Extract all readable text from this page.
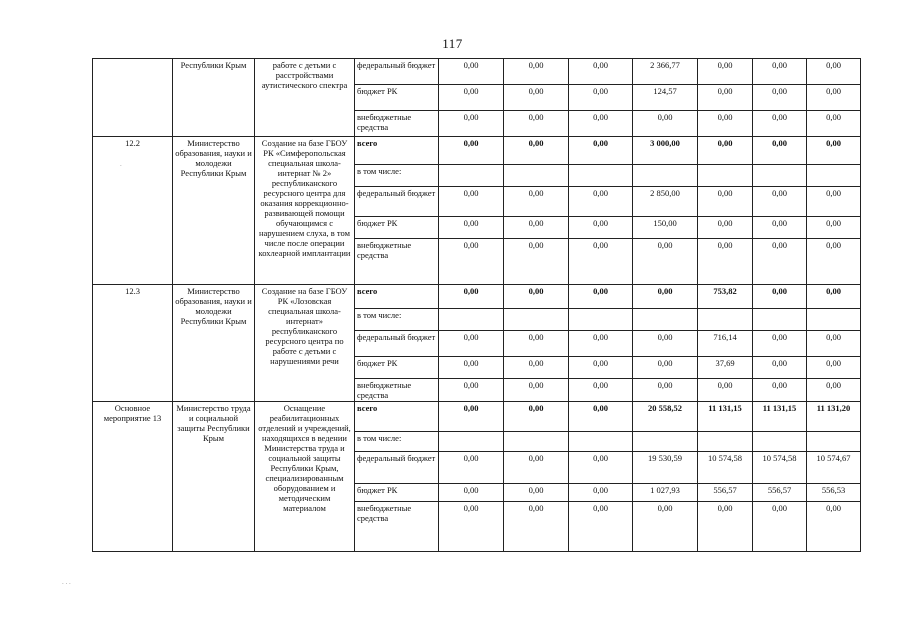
117
	Республики Крым	работе с детьми с расстройствами аутистического спектра	федеральный бюджет	0,00	0,00	0,00	2 366,77	0,00	0,00	0,00
			бюджет РК	0,00	0,00	0,00	124,57	0,00	0,00	0,00
			внебюджетные средства	0,00	0,00	0,00	0,00	0,00	0,00	0,00
12.2	Министерство образования, науки и молодежи Республики Крым	Создание на базе ГБОУ РК «Симферопольская специальная школа-интернат № 2» республиканского ресурсного центра для оказания коррекционно-развивающей помощи обучающимся с нарушением слуха, в том числе после операции кохлеарной имплантации	всего	0,00	0,00	0,00	3 000,00	0,00	0,00	0,00
			в том числе:							
			федеральный бюджет	0,00	0,00	0,00	2 850,00	0,00	0,00	0,00
			бюджет РК	0,00	0,00	0,00	150,00	0,00	0,00	0,00
			внебюджетные средства	0,00	0,00	0,00	0,00	0,00	0,00	0,00
12.3	Министерство образования, науки и молодежи Республики Крым	Создание на базе ГБОУ РК «Лозовская специальная школа-интернат» республиканского ресурсного центра по работе с детьми с нарушениями речи	всего	0,00	0,00	0,00	0,00	753,82	0,00	0,00
			в том числе:							
			федеральный бюджет	0,00	0,00	0,00	0,00	716,14	0,00	0,00
			бюджет РК	0,00	0,00	0,00	0,00	37,69	0,00	0,00
			внебюджетные средства	0,00	0,00	0,00	0,00	0,00	0,00	0,00
Основное мероприятие 13	Министерство труда и социальной защиты Республики Крым	Оснащение реабилитационных отделений и учреждений, находящихся в ведении Министерства труда и социальной защиты Республики Крым, специализированным оборудованием и методическим материалом	всего	0,00	0,00	0,00	20 558,52	11 131,15	11 131,15	11 131,20
			в том числе:							
			федеральный бюджет	0,00	0,00	0,00	19 530,59	10 574,58	10 574,58	10 574,67
			бюджет РК	0,00	0,00	0,00	1 027,93	556,57	556,57	556,53
			внебюджетные средства	0,00	0,00	0,00	0,00	0,00	0,00	0,00
.
. . .
